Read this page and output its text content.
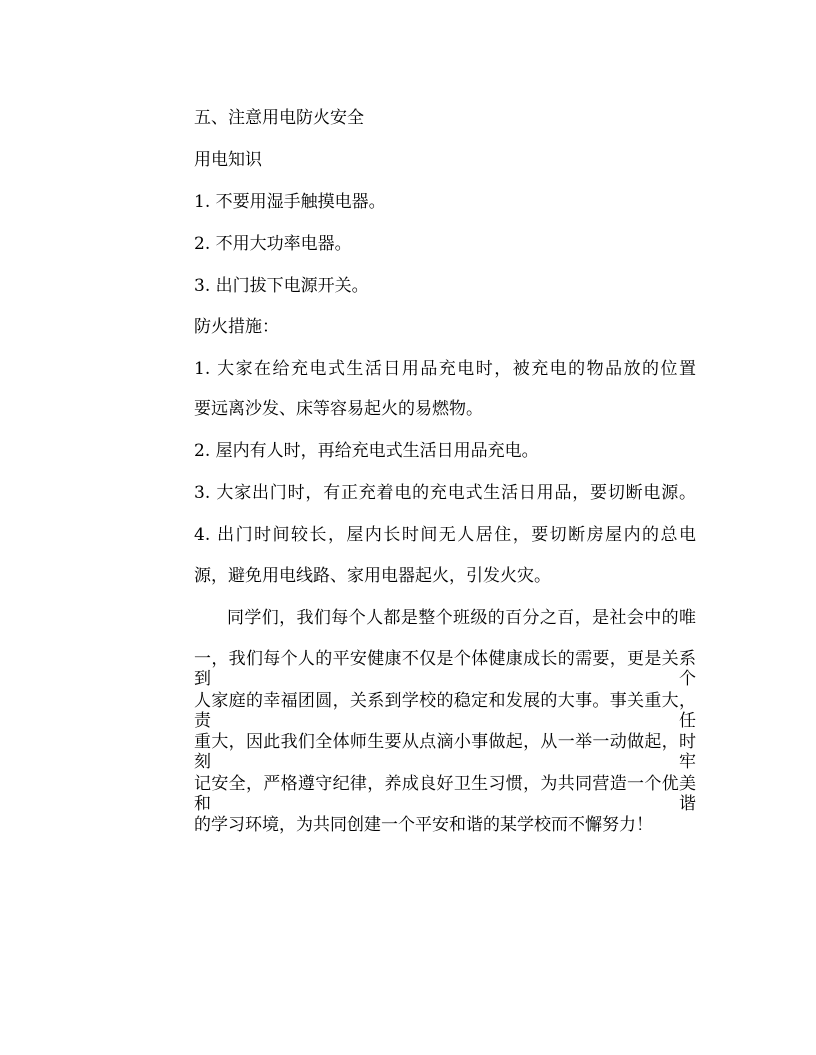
五、注意用电防火安全
用电知识
1. 不要用湿手触摸电器。
2. 不用大功率电器。
3. 出门拔下电源开关。
防火措施：
1. 大家在给充电式生活日用品充电时，被充电的物品放的位置
要远离沙发、床等容易起火的易燃物。
2. 屋内有人时，再给充电式生活日用品充电。
3. 大家出门时，有正充着电的充电式生活日用品，要切断电源。
4. 出门时间较长，屋内长时间无人居住，要切断房屋内的总电
源，避免用电线路、家用电器起火，引发火灾。
同学们，我们每个人都是整个班级的百分之百，是社会中的唯
一，我们每个人的平安健康不仅是个体健康成长的需要，更是关系到个
人家庭的幸福团圆，关系到学校的稳定和发展的大事。事关重大，责任
重大，因此我们全体师生要从点滴小事做起，从一举一动做起，时刻牢
记安全，严格遵守纪律，养成良好卫生习惯，为共同营造一个优美和谐
的学习环境，为共同创建一个平安和谐的某学校而不懈努力！
